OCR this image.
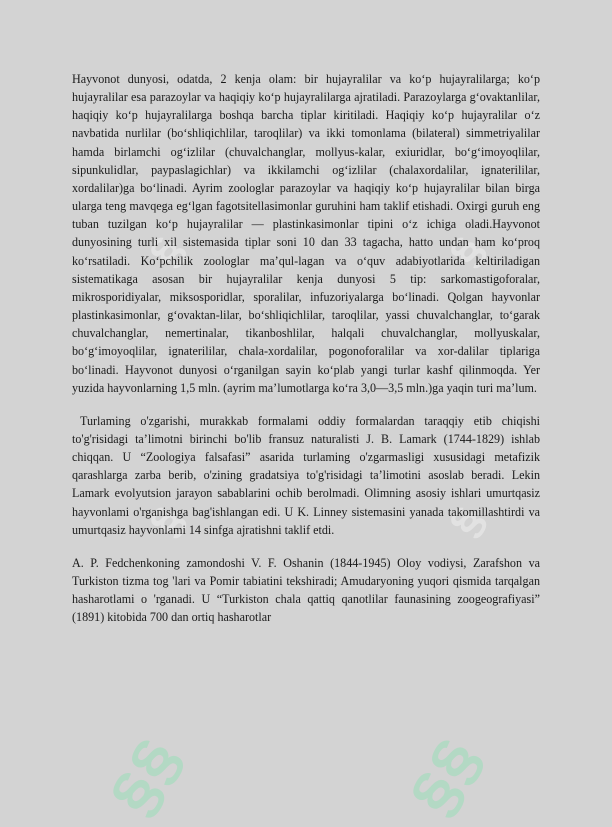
§§	§§
§	§
§	§

Hayvonot dunyosi, odatda, 2 kenja olam: bir hujayralilar va koʻp hujayralilarga; koʻp hujayralilar esa parazoylar va haqiqiy koʻp hujayralilarga ajratiladi. Parazoylarga gʻovaktanlilar, haqiqiy koʻp hujayralilarga boshqa barcha tiplar kiritiladi. Haqiqiy koʻp hujayralilar oʻz navbatida nurlilar (boʻshliqichlilar, taroqlilar) va ikki tomonlama (bilateral) simmetriyalilar hamda birlamchi ogʻizlilar (chuvalchanglar, mollyus-kalar, exiuridlar, boʻgʻimoyoqlilar, sipunkulidlar, paypaslagichlar) va ikkilamchi ogʻizlilar (chalaxordalilar, ignaterililar, xordalilar)ga boʻlinadi. Ayrim zoologlar parazoylar va haqiqiy koʻp hujayralilar bilan birga ularga teng mavqega egʻlgan fagotsitellasimonlar guruhini ham taklif etishadi. Oxirgi guruh eng tuban tuzilgan koʻp hujayralilar — plastinkasimonlar tipini oʻz ichiga oladi.Hayvonot dunyosining turli xil sistemasida tiplar soni 10 dan 33 tagacha, hatto undan ham koʻproq koʻrsatiladi. Koʻpchilik zoologlar maʼqul-lagan va oʻquv adabiyotlarida keltiriladigan sistematikaga asosan bir hujayralilar kenja dunyosi 5 tip: sarkomastigoforalar, mikrosporidiyalar, miksosporidlar, sporalilar, infuzoriyalarga boʻlinadi. Qolgan hayvonlar plastinkasimonlar, gʻovaktan-lilar, boʻshliqichlilar, taroqlilar, yassi chuvalchanglar, toʻgarak chuvalchanglar, nemertinalar, tikanboshlilar, halqali chuvalchanglar, mollyuskalar, boʻgʻimoyoqlilar, ignaterililar, chala-xordalilar, pogonoforalilar va xor-dalilar tiplariga boʻlinadi. Hayvonot dunyosi oʻrganilgan sayin koʻplab yangi turlar kashf qilinmoqda. Yer yuzida hayvonlarning 1,5 mln. (ayrim maʼlumotlarga koʻra 3,0—3,5 mln.)ga yaqin turi maʼlum.

Turlaming o'zgarishi, murakkab formalami oddiy formalardan taraqqiy etib chiqishi to'g'risidagi ta’limotni birinchi bo'lib fransuz naturalisti J. B. Lamark (1744-1829) ishlab chiqqan. U “Zoologiya falsafasi” asarida turlaming o'zgarmasligi xususidagi metafizik qarashlarga zarba berib, o'zining gradatsiya to'g'risidagi ta’limotini asoslab beradi. Lekin Lamark evolyutsion jarayon sabablarini ochib berolmadi. Olimning asosiy ishlari umurtqasiz hayvonlami o'rganishga bag'ishlangan edi. U K. Linney sistemasini yanada takomillashtirdi va umurtqasiz hayvonlami 14 sinfga ajratishni taklif etdi.

A. P. Fedchenkoning zamondoshi V. F. Oshanin (1844-1945) Oloy vodiysi, Zarafshon va Turkiston tizma tog 'lari va Pomir tabiatini tekshiradi; Amudaryoning yuqori qismida tarqalgan hasharotlami o 'rganadi. U “Turkiston chala qattiq qanotlilar faunasining zoogeografiyasi” (1891) kitobida 700 dan ortiq hasharotlar
